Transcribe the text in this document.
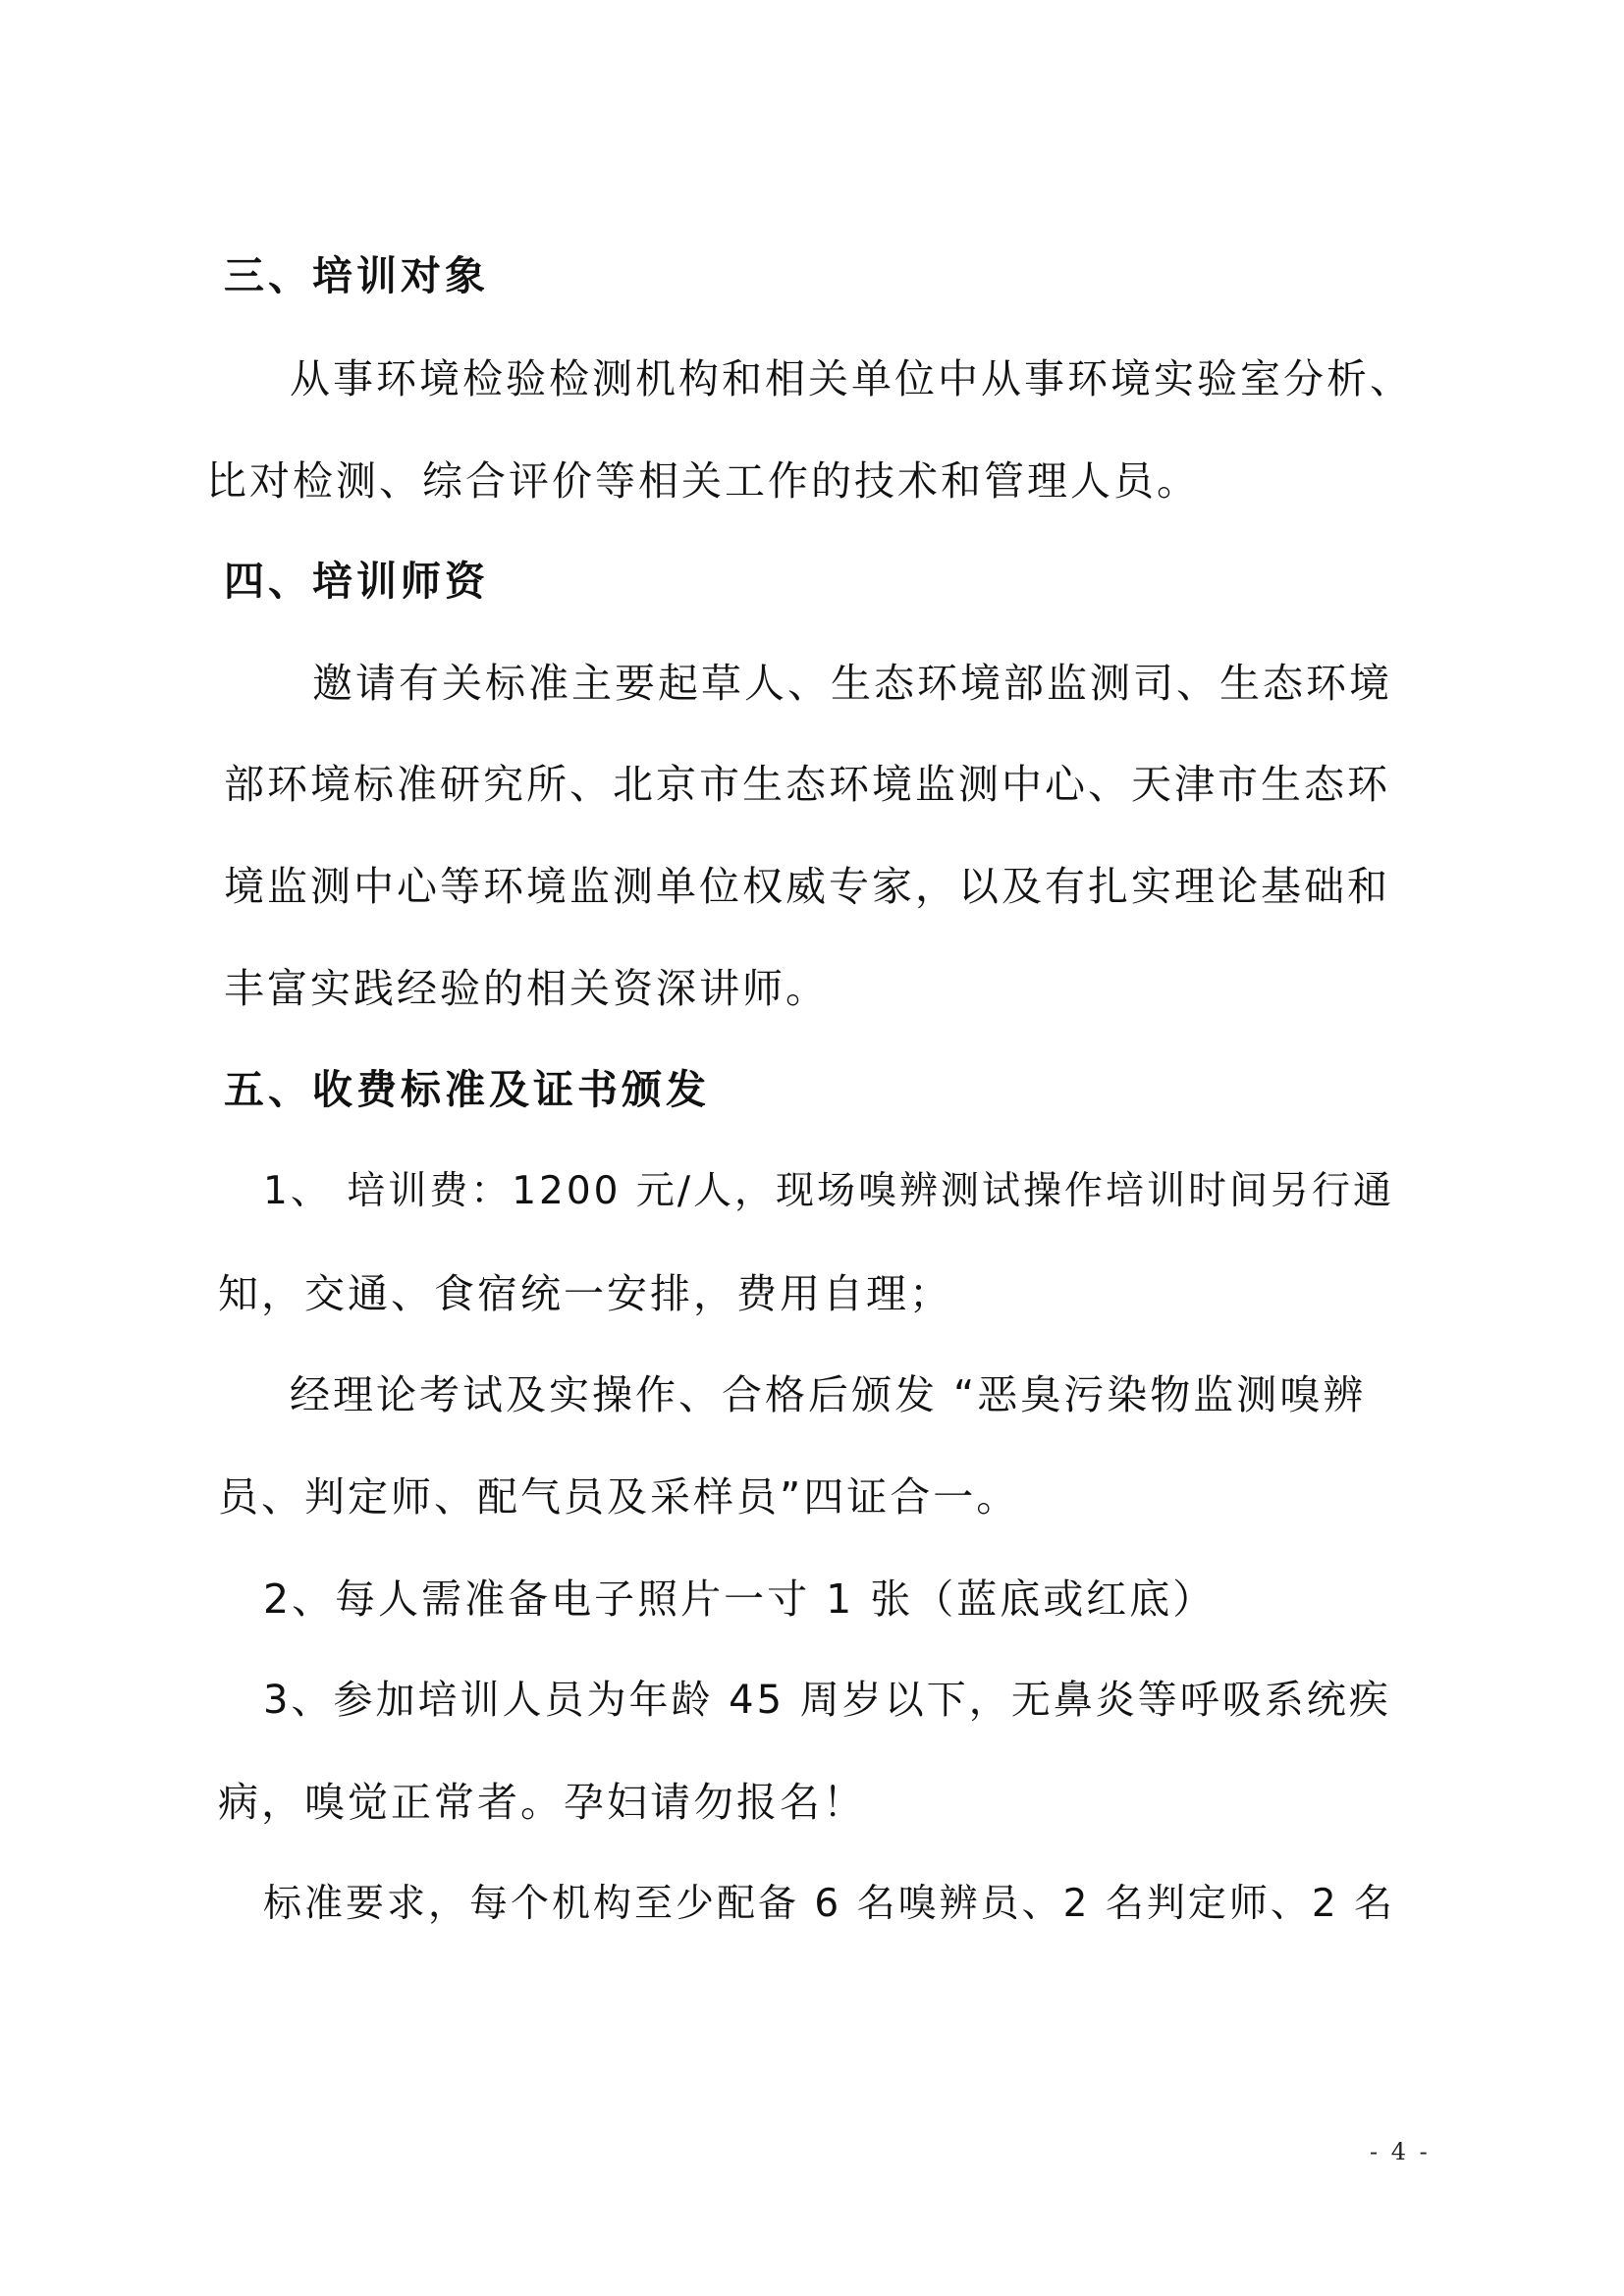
三、培训对象
从事环境检验检测机构和相关单位中从事环境实验室分析、
比对检测、综合评价等相关工作的技术和管理人员。
四、培训师资
邀请有关标准主要起草人、生态环境部监测司、生态环境
部环境标准研究所、北京市生态环境监测中心、天津市生态环
境监测中心等环境监测单位权威专家，以及有扎实理论基础和
丰富实践经验的相关资深讲师。
五、收费标准及证书颁发
1、 培训费：1200 元/人，现场嗅辨测试操作培训时间另行通
知，交通、食宿统一安排，费用自理；
经理论考试及实操作、合格后颁发 “恶臭污染物监测嗅辨
员、判定师、配气员及采样员”四证合一。
2、每人需准备电子照片一寸 1 张（蓝底或红底）
3、参加培训人员为年龄 45 周岁以下，无鼻炎等呼吸系统疾
病，嗅觉正常者。孕妇请勿报名！
标准要求，每个机构至少配备 6 名嗅辨员、2 名判定师、2 名
- 4 -
